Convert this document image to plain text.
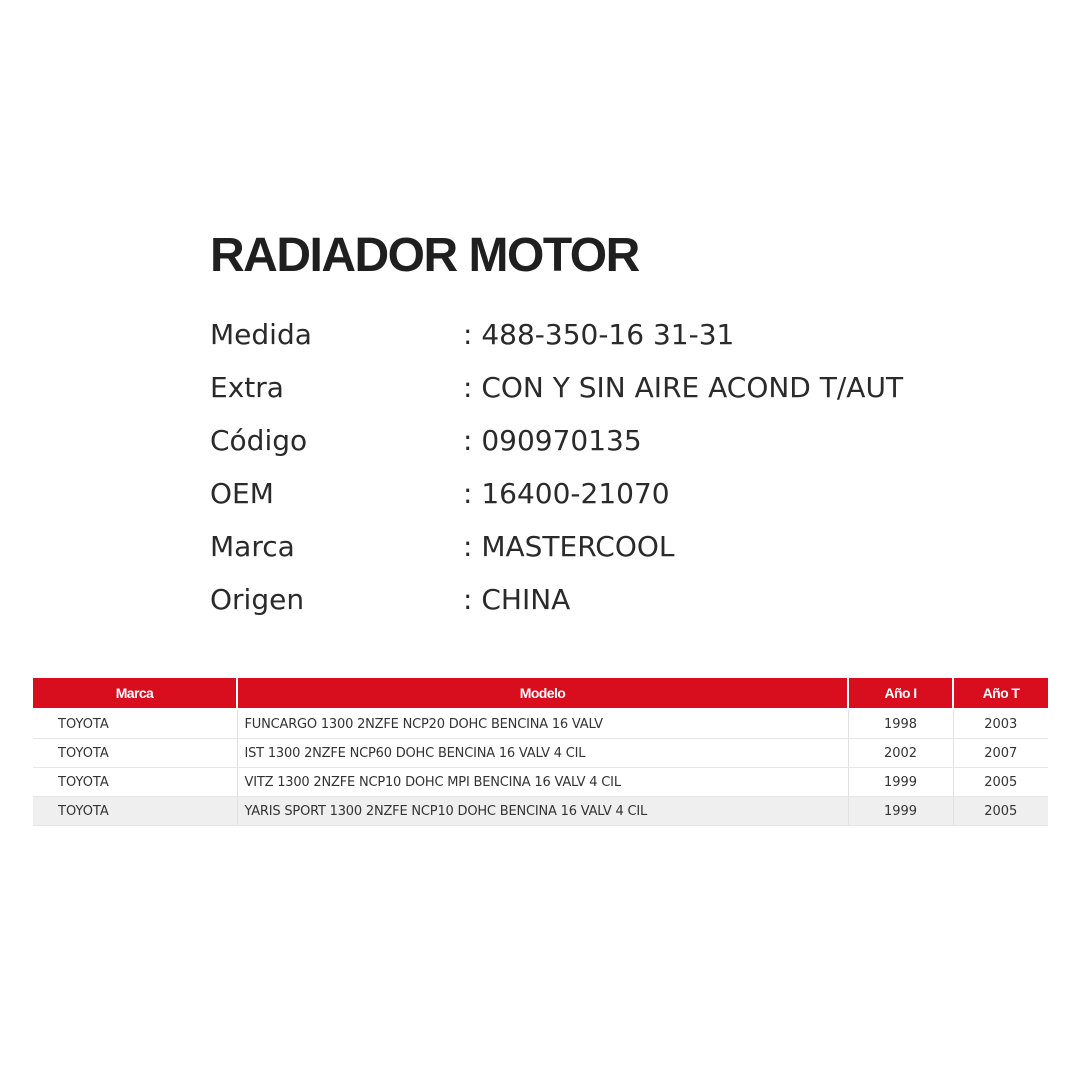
RADIADOR MOTOR
Medida	: 488-350-16 31-31
Extra	: CON Y SIN AIRE ACOND T/AUT
Código	: 090970135
OEM	: 16400-21070
Marca	: MASTERCOOL
Origen	: CHINA
Marca	Modelo	Año I	Año T
TOYOTA	FUNCARGO 1300 2NZFE NCP20 DOHC BENCINA 16 VALV	1998	2003
TOYOTA	IST 1300 2NZFE NCP60 DOHC BENCINA 16 VALV 4 CIL	2002	2007
TOYOTA	VITZ 1300 2NZFE NCP10 DOHC MPI BENCINA 16 VALV 4 CIL	1999	2005
TOYOTA	YARIS SPORT 1300 2NZFE NCP10 DOHC BENCINA 16 VALV 4 CIL	1999	2005
